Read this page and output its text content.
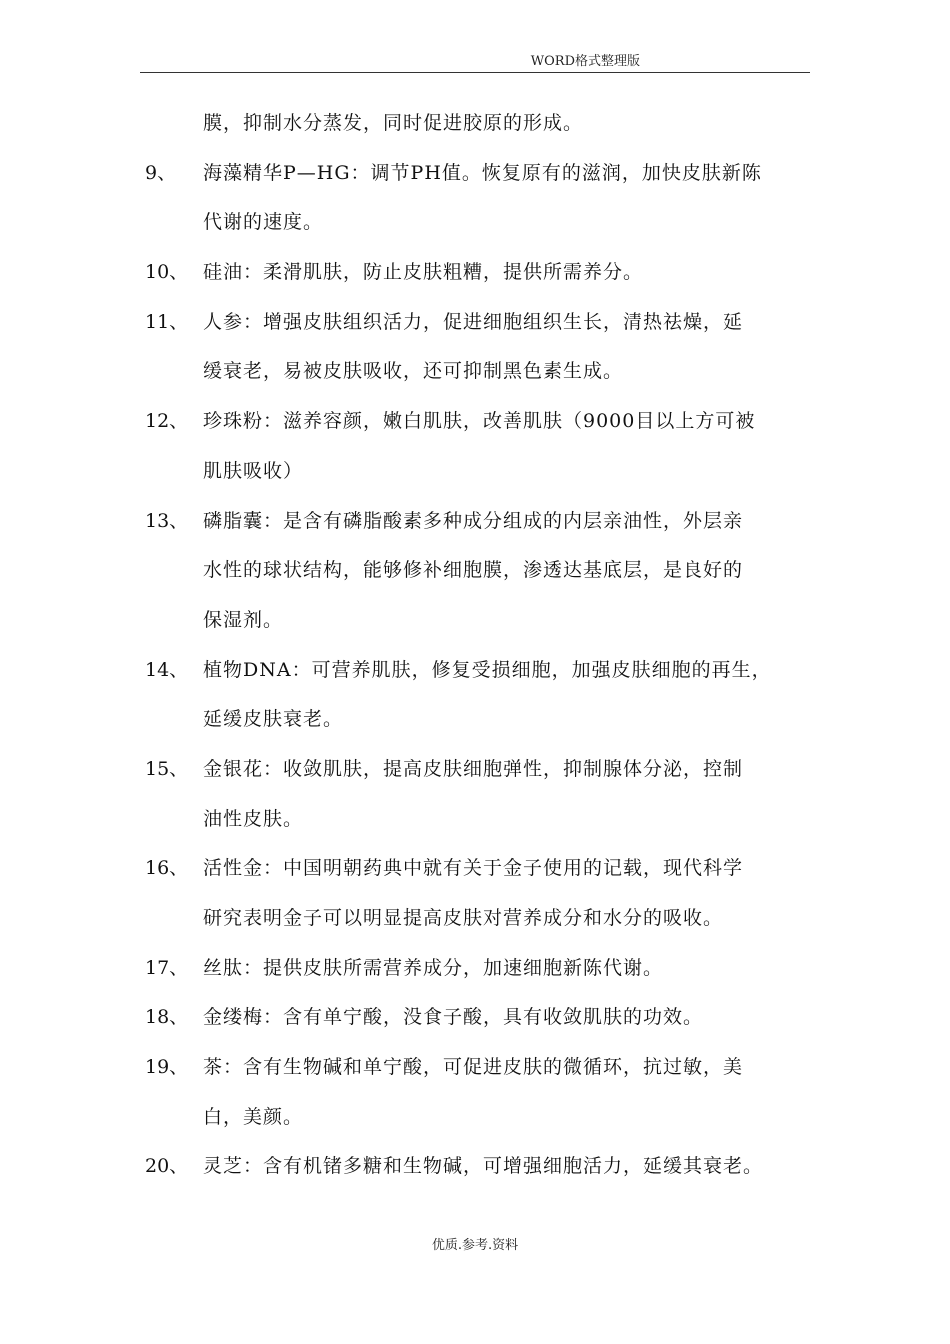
WORD格式整理版
膜，抑制水分蒸发，同时促进胶原的形成。
9、 海藻精华P—HG：调节PH值。恢复原有的滋润，加快皮肤新陈
代谢的速度。
10、 硅油：柔滑肌肤，防止皮肤粗糟，提供所需养分。
11、 人参：增强皮肤组织活力，促进细胞组织生长，清热祛燥，延
缓衰老，易被皮肤吸收，还可抑制黑色素生成。
12、 珍珠粉：滋养容颜，嫩白肌肤，改善肌肤（9000目以上方可被
肌肤吸收）
13、 磷脂囊：是含有磷脂酸素多种成分组成的内层亲油性，外层亲
水性的球状结构，能够修补细胞膜，渗透达基底层，是良好的
保湿剂。
14、 植物DNA：可营养肌肤，修复受损细胞，加强皮肤细胞的再生，
延缓皮肤衰老。
15、 金银花：收敛肌肤，提高皮肤细胞弹性，抑制腺体分泌，控制
油性皮肤。
16、 活性金：中国明朝药典中就有关于金子使用的记载，现代科学
研究表明金子可以明显提高皮肤对营养成分和水分的吸收。
17、 丝肽：提供皮肤所需营养成分，加速细胞新陈代谢。
18、 金缕梅：含有单宁酸，没食子酸，具有收敛肌肤的功效。
19、 茶：含有生物碱和单宁酸，可促进皮肤的微循环，抗过敏，美
白，美颜。
20、 灵芝：含有机锗多糖和生物碱，可增强细胞活力，延缓其衰老。
优质.参考.资料
